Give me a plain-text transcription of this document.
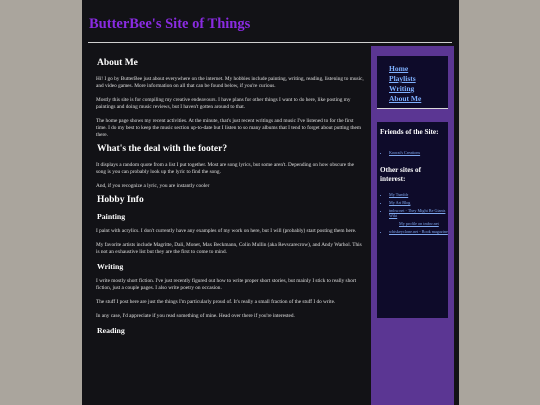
ButterBee's Site of Things
About Me

Hi! I go by ButterBee just about everywhere on the internet. My hobbies include painting, writing, reading, listening to music, and video games. More information on all that can be found below, if you're curious.

Mostly this site is for compiling my creative endeavours. I have plans for other things I want to do here, like posting my paintings and doing music reviews, but I haven't gotten around to that.

The home page shows my recent activities. At the minute, that's just recent writings and music I've listened to for the first time. I do my best to keep the music section up-to-date but I listen to so many albums that I tend to forget about putting them there.

What's the deal with the footer?

It displays a random quote from a list I put together. Most are song lyrics, but some aren't. Depending on how obscure the song is you can probably look up the lyric to find the song.

And, if you recognize a lyric, you are instantly cooler

Hobby Info
Painting

I paint with acrylics. I don't currently have any examples of my work on here, but I will (probably) start posting them here.

My favorite artists include Magritte, Dali, Monet, Max Beckmann, Colin Mullin (aka Revscarecrow), and Andy Warhol. This is not an exhaustive list but they are the first to come to mind.

Writing

I write mostly short fiction. I've just recently figured out how to write proper short stories, but mainly I stick to really short fiction, just a couple pages. I also write poetry on occasion.

The stuff I post here are just the things I'm particularly proud of. It's really a small fraction of the stuff I do write.

In any case, I'd appreciate if you read something of mine. Head over there if you're interested.

Reading
Home
Playlists
Writing
About Me
Friends of the Site:
• Koorai's Creations
Other sites of interest:
• My Tumblr
• My Art Blog
• tmbw.net - They Might Be Giants Wiki
My profile on tmbw.net
• whiskeyclone.net - Book magazine
